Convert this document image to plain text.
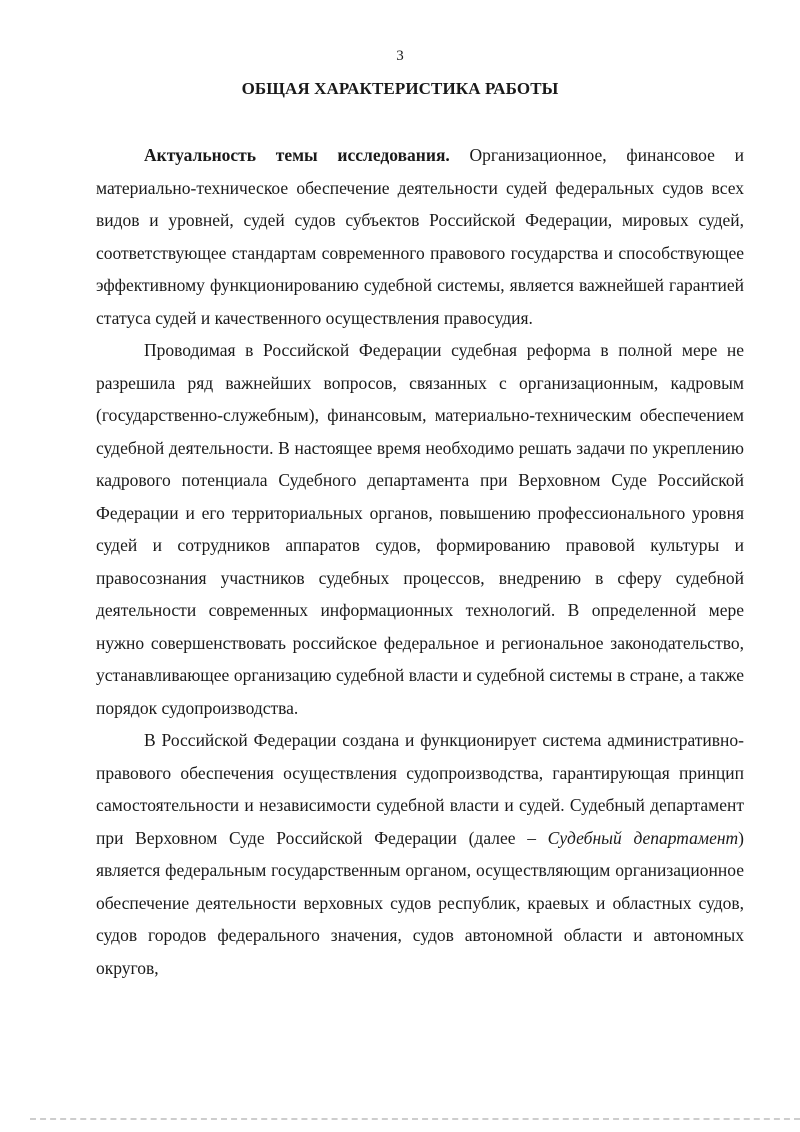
3
ОБЩАЯ ХАРАКТЕРИСТИКА РАБОТЫ

Актуальность темы исследования. Организационное, финансовое и материально-техническое обеспечение деятельности судей федеральных судов всех видов и уровней, судей судов субъектов Российской Федерации, мировых судей, соответствующее стандартам современного правового государства и способствующее эффективному функционированию судебной системы, является важнейшей гарантией статуса судей и качественного осуществления правосудия.

Проводимая в Российской Федерации судебная реформа в полной мере не разрешила ряд важнейших вопросов, связанных с организационным, кадровым (государственно-служебным), финансовым, материально-техническим обеспечением судебной деятельности. В настоящее время необходимо решать задачи по укреплению кадрового потенциала Судебного департамента при Верховном Суде Российской Федерации и его территориальных органов, повышению профессионального уровня судей и сотрудников аппаратов судов, формированию правовой культуры и правосознания участников судебных процессов, внедрению в сферу судебной деятельности современных информационных технологий. В определенной мере нужно совершенствовать российское федеральное и региональное законодательство, устанавливающее организацию судебной власти и судебной системы в стране, а также порядок судопроизводства.

В Российской Федерации создана и функционирует система административно-правового обеспечения осуществления судопроизводства, гарантирующая принцип самостоятельности и независимости судебной власти и судей. Судебный департамент при Верховном Суде Российской Федерации (далее – Судебный департамент) является федеральным государственным органом, осуществляющим организационное обеспечение деятельности верховных судов республик, краевых и областных судов, судов городов федерального значения, судов автономной области и автономных округов,
